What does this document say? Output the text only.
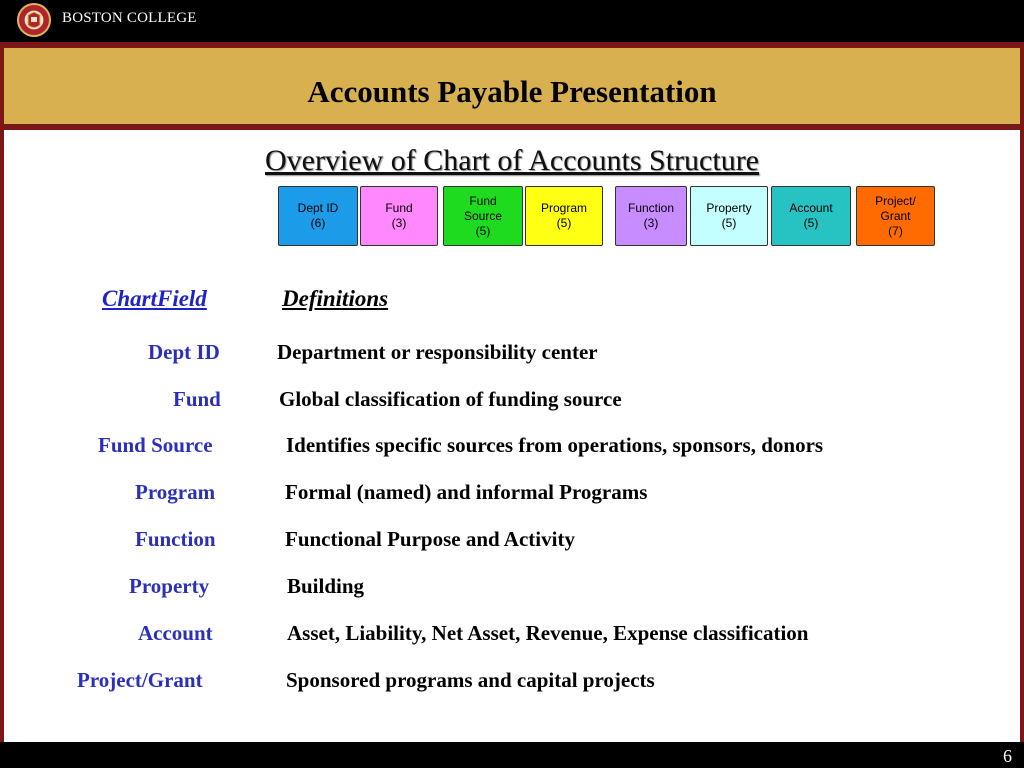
BOSTON COLLEGE
Accounts Payable Presentation
Overview of Chart of Accounts Structure
Dept ID
(6)
Fund
(3)
Fund
Source
(5)
Program
(5)
Function
(3)
Property
(5)
Account
(5)
Project/
Grant
(7)
ChartField	Definitions
Dept ID	Department or responsibility center
Fund	Global classification of funding source
Fund Source	Identifies specific sources from operations, sponsors, donors
Program	Formal (named) and informal Programs
Function	Functional Purpose and Activity
Property	Building
Account	Asset, Liability, Net Asset, Revenue, Expense classification
Project/Grant	Sponsored programs and capital projects
6
